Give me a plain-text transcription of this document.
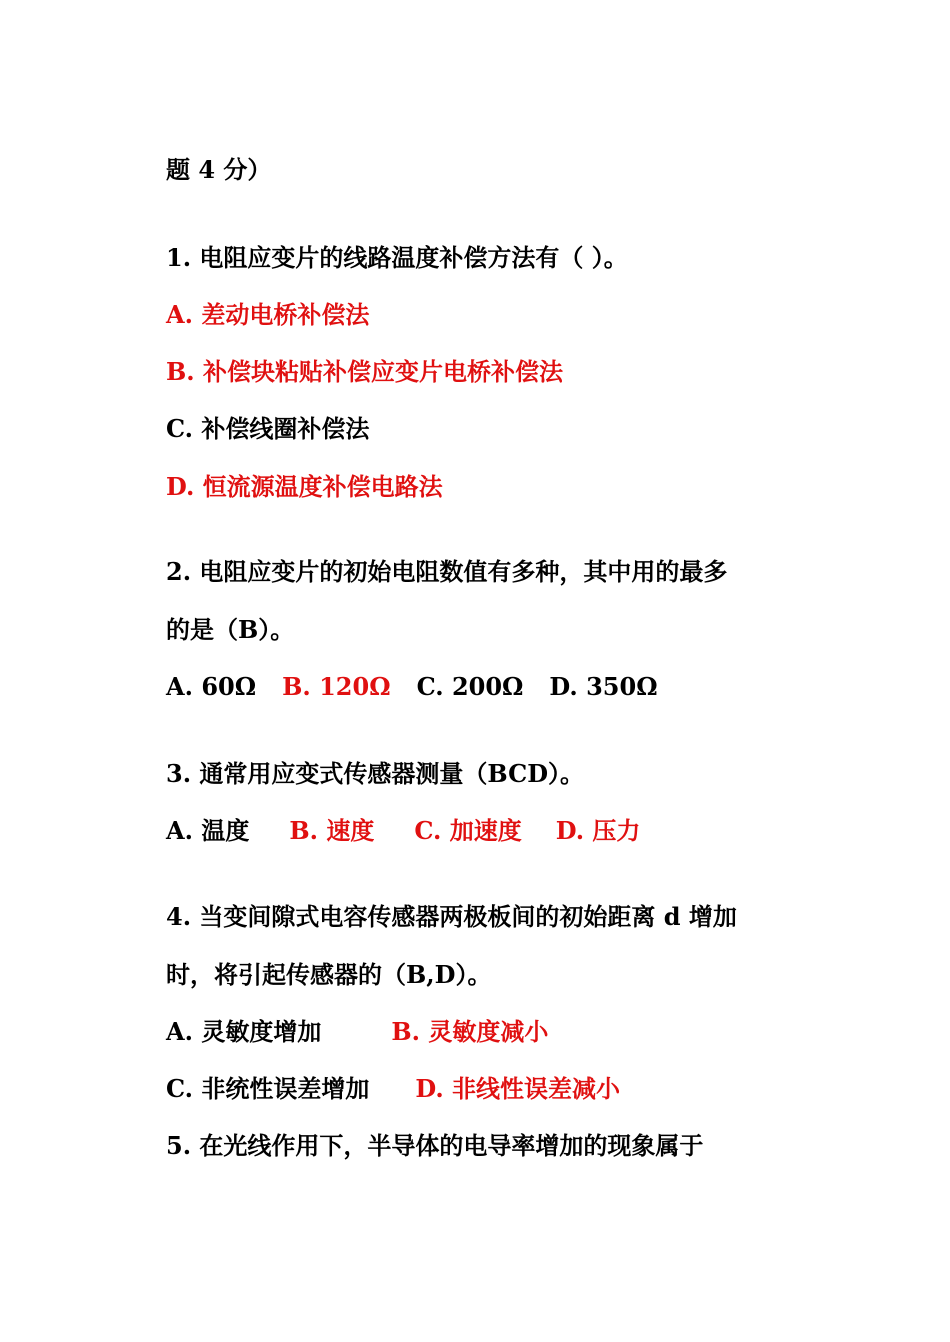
题 4 分）
1. 电阻应变片的线路温度补偿方法有（ ）。
A. 差动电桥补偿法
B. 补偿块粘贴补偿应变片电桥补偿法
C. 补偿线圈补偿法
D. 恒流源温度补偿电路法
2. 电阻应变片的初始电阻数值有多种，其中用的最多
的是（B）。
A. 60Ω B. 120Ω C. 200Ω D. 350Ω
3. 通常用应变式传感器测量（BCD）。
A. 温度 B. 速度 C. 加速度 D. 压力
4. 当变间隙式电容传感器两极板间的初始距离 d 增加
时，将引起传感器的（B,D）。
A. 灵敏度增加	B. 灵敏度减小
C. 非统性误差增加 D. 非线性误差减小
5. 在光线作用下，半导体的电导率增加的现象属于
